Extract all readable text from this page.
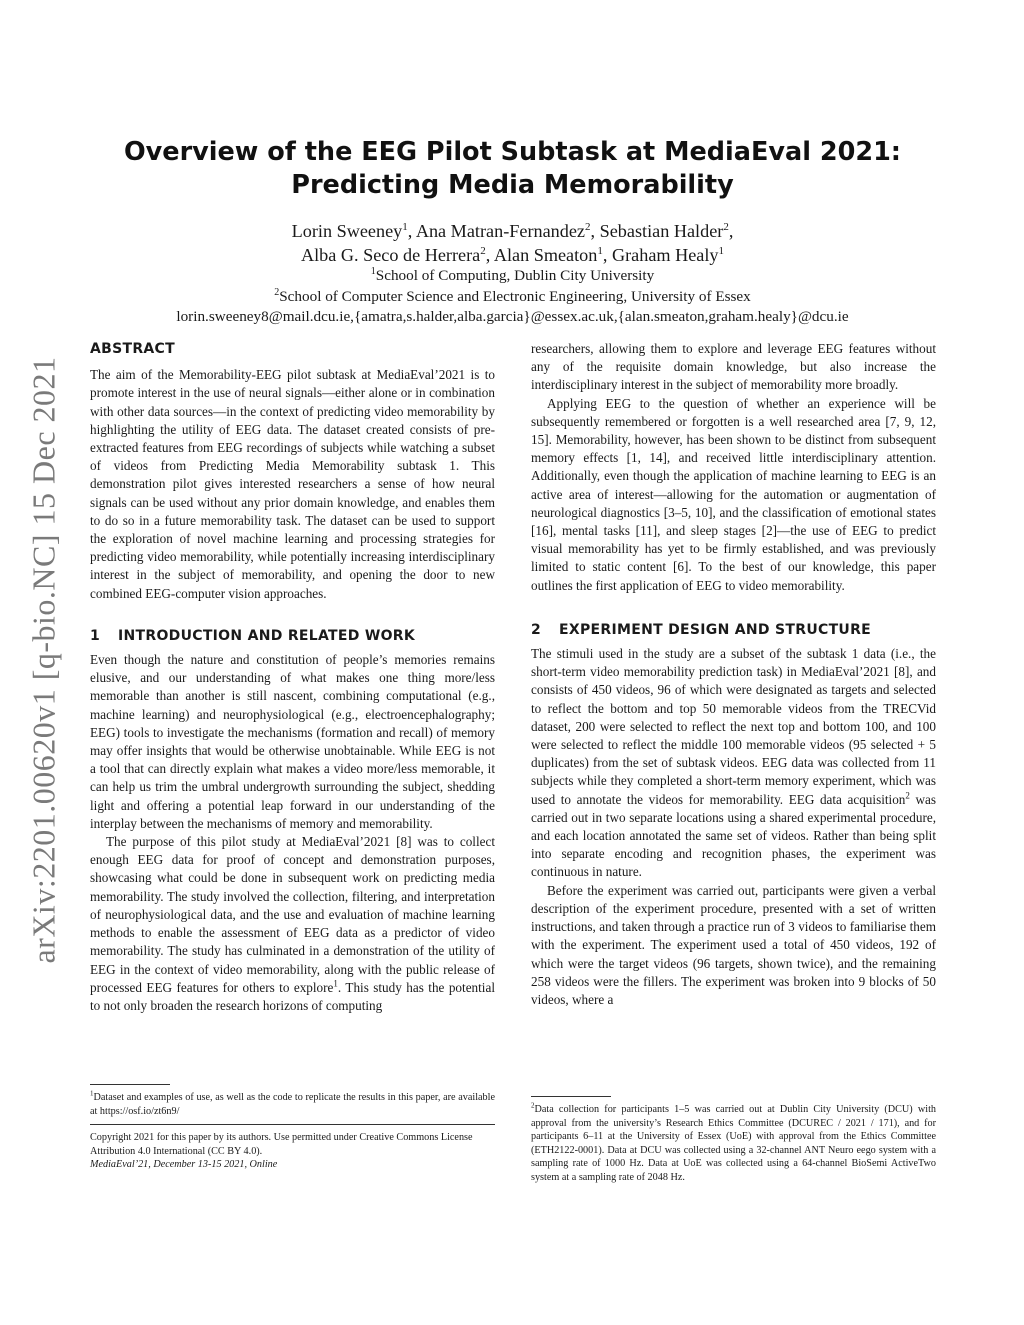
arXiv:2201.00620v1 [q-bio.NC] 15 Dec 2021
Overview of the EEG Pilot Subtask at MediaEval 2021:
Predicting Media Memorability
Lorin Sweeney$^1$, Ana Matran-Fernandez$^2$, Sebastian Halder$^2$,
Alba G. Seco de Herrera$^2$, Alan Smeaton$^1$, Graham Healy$^1$
$^1$School of Computing, Dublin City University
$^2$School of Computer Science and Electronic Engineering, University of Essex
lorin.sweeney8@mail.dcu.ie,{amatra,s.halder,alba.garcia}@essex.ac.uk,{alan.smeaton,graham.healy}@dcu.ie
ABSTRACT

The aim of the Memorability-EEG pilot subtask at MediaEval’2021 is to promote interest in the use of neural signals—either alone or in combination with other data sources—in the context of predicting video memorability by highlighting the utility of EEG data. The dataset created consists of pre-extracted features from EEG recordings of subjects while watching a subset of videos from Predicting Media Memorability subtask 1. This demonstration pilot gives interested researchers a sense of how neural signals can be used without any prior domain knowledge, and enables them to do so in a future memorability task. The dataset can be used to support the exploration of novel machine learning and processing strategies for predicting video memorability, while potentially increasing interdisciplinary interest in the subject of memorability, and opening the door to new combined EEG-computer vision approaches.

1 INTRODUCTION AND RELATED WORK

Even though the nature and constitution of people’s memories remains elusive, and our understanding of what makes one thing more/less memorable than another is still nascent, combining computational (e.g., machine learning) and neurophysiological (e.g., electroencephalography; EEG) tools to investigate the mechanisms (formation and recall) of memory may offer insights that would be otherwise unobtainable. While EEG is not a tool that can directly explain what makes a video more/less memorable, it can help us trim the umbral undergrowth surrounding the subject, shedding light and offering a potential leap forward in our understanding of the interplay between the mechanisms of memory and memorability.

The purpose of this pilot study at MediaEval’2021 [8] was to collect enough EEG data for proof of concept and demonstration purposes, showcasing what could be done in subsequent work on predicting media memorability. The study involved the collection, filtering, and interpretation of neurophysiological data, and the use and evaluation of machine learning methods to enable the assessment of EEG data as a predictor of video memorability. The study has culminated in a demonstration of the utility of EEG in the context of video memorability, along with the public release of processed EEG features for others to explore$^1$. This study has the potential to not only broaden the research horizons of computing

$^1$Dataset and examples of use, as well as the code to replicate the results in this paper, are available at https://osf.io/zt6n9/
Copyright 2021 for this paper by its authors. Use permitted under Creative Commons License Attribution 4.0 International (CC BY 4.0).
MediaEval’21, December 13-15 2021, Online

researchers, allowing them to explore and leverage EEG features without any of the requisite domain knowledge, but also increase the interdisciplinary interest in the subject of memorability more broadly.

Applying EEG to the question of whether an experience will be subsequently remembered or forgotten is a well researched area [7, 9, 12, 15]. Memorability, however, has been shown to be distinct from subsequent memory effects [1, 14], and received little interdisciplinary attention. Additionally, even though the application of machine learning to EEG is an active area of interest—allowing for the automation or augmentation of neurological diagnostics [3–5, 10], and the classification of emotional states [16], mental tasks [11], and sleep stages [2]—the use of EEG to predict visual memorability has yet to be firmly established, and was previously limited to static content [6]. To the best of our knowledge, this paper outlines the first application of EEG to video memorability.

2 EXPERIMENT DESIGN AND STRUCTURE

The stimuli used in the study are a subset of the subtask 1 data (i.e., the short-term video memorability prediction task) in MediaEval’2021 [8], and consists of 450 videos, 96 of which were designated as targets and selected to reflect the bottom and top 50 memorable videos from the TRECVid dataset, 200 were selected to reflect the next top and bottom 100, and 100 were selected to reflect the middle 100 memorable videos (95 selected + 5 duplicates) from the set of subtask videos. EEG data was collected from 11 subjects while they completed a short-term memory experiment, which was used to annotate the videos for memorability. EEG data acquisition$^2$ was carried out in two separate locations using a shared experimental procedure, and each location annotated the same set of videos. Rather than being split into separate encoding and recognition phases, the experiment was continuous in nature.

Before the experiment was carried out, participants were given a verbal description of the experiment procedure, presented with a set of written instructions, and taken through a practice run of 3 videos to familiarise them with the experiment. The experiment used a total of 450 videos, 192 of which were the target videos (96 targets, shown twice), and the remaining 258 videos were the fillers. The experiment was broken into 9 blocks of 50 videos, where a

$^2$Data collection for participants 1–5 was carried out at Dublin City University (DCU) with approval from the university’s Research Ethics Committee (DCUREC / 2021 / 171), and for participants 6–11 at the University of Essex (UoE) with approval from the Ethics Committee (ETH2122-0001). Data at DCU was collected using a 32-channel ANT Neuro eego system with a sampling rate of 1000 Hz. Data at UoE was collected using a 64-channel BioSemi ActiveTwo system at a sampling rate of 2048 Hz.
